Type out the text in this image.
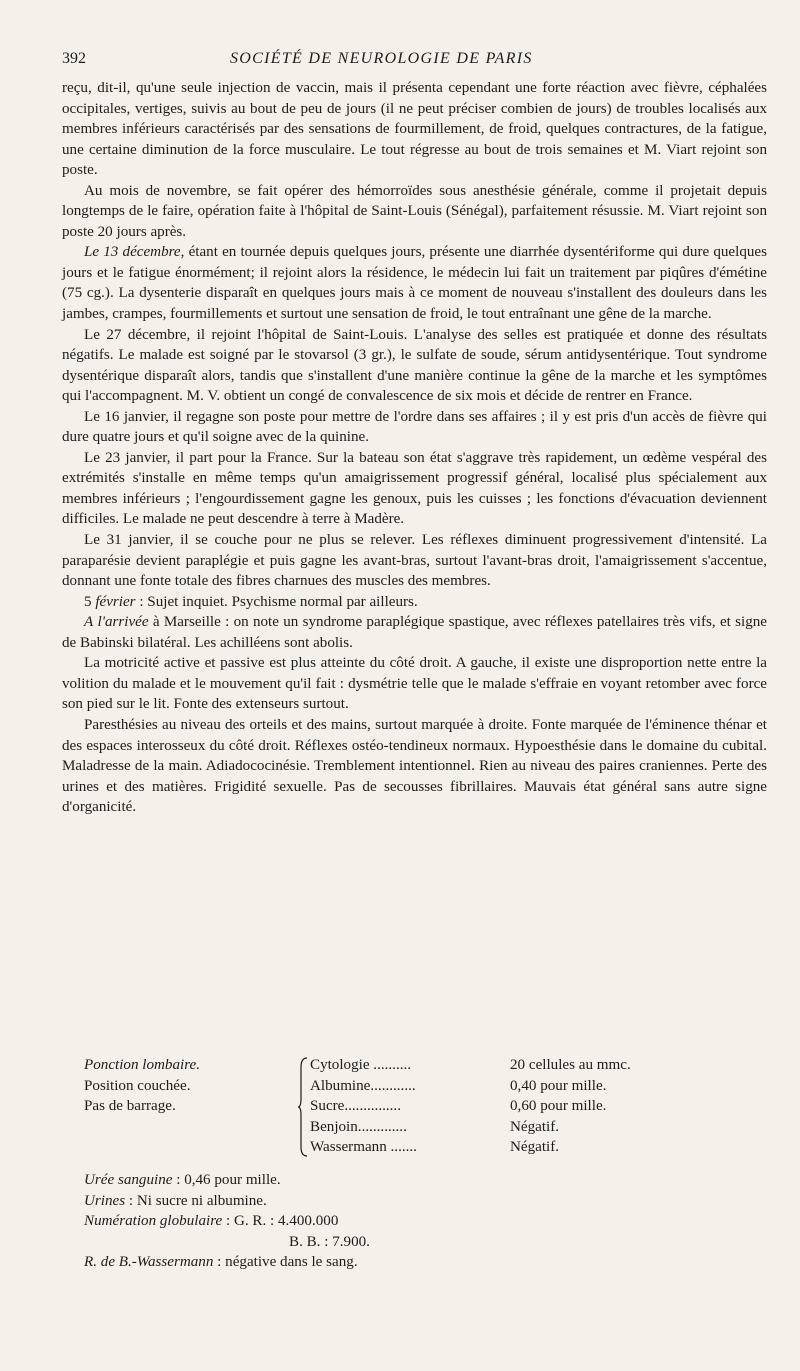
392	SOCIÉTÉ DE NEUROLOGIE DE PARIS

reçu, dit-il, qu'une seule injection de vaccin, mais il présenta cependant une forte réaction avec fièvre, céphalées occipitales, vertiges, suivis au bout de peu de jours (il ne peut préciser combien de jours) de troubles localisés aux membres inférieurs caractérisés par des sensations de fourmillement, de froid, quelques contractures, de la fatigue, une certaine diminution de la force musculaire. Le tout régresse au bout de trois semaines et M. Viart rejoint son poste.

Au mois de novembre, se fait opérer des hémorroïdes sous anesthésie générale, comme il projetait depuis longtemps de le faire, opération faite à l'hôpital de Saint-Louis (Sénégal), parfaitement résussie. M. Viart rejoint son poste 20 jours après.

Le 13 décembre, étant en tournée depuis quelques jours, présente une diarrhée dysentériforme qui dure quelques jours et le fatigue énormément; il rejoint alors la résidence, le médecin lui fait un traitement par piqûres d'émétine (75 cg.). La dysenterie disparaît en quelques jours mais à ce moment de nouveau s'installent des douleurs dans les jambes, crampes, fourmillements et surtout une sensation de froid, le tout entraînant une gêne de la marche.

Le 27 décembre, il rejoint l'hôpital de Saint-Louis. L'analyse des selles est pratiquée et donne des résultats négatifs. Le malade est soigné par le stovarsol (3 gr.), le sulfate de soude, sérum antidysentérique. Tout syndrome dysentérique disparaît alors, tandis que s'installent d'une manière continue la gêne de la marche et les symptômes qui l'accompagnent. M. V. obtient un congé de convalescence de six mois et décide de rentrer en France.

Le 16 janvier, il regagne son poste pour mettre de l'ordre dans ses affaires ; il y est pris d'un accès de fièvre qui dure quatre jours et qu'il soigne avec de la quinine.

Le 23 janvier, il part pour la France. Sur la bateau son état s'aggrave très rapidement, un œdème vespéral des extrémités s'installe en même temps qu'un amaigrissement progressif général, localisé plus spécialement aux membres inférieurs ; l'engourdissement gagne les genoux, puis les cuisses ; les fonctions d'évacuation deviennent difficiles. Le malade ne peut descendre à terre à Madère.

Le 31 janvier, il se couche pour ne plus se relever. Les réflexes diminuent progressivement d'intensité. La paraparésie devient paraplégie et puis gagne les avant-bras, surtout l'avant-bras droit, l'amaigrissement s'accentue, donnant une fonte totale des fibres charnues des muscles des membres.

5 février : Sujet inquiet. Psychisme normal par ailleurs.

A l'arrivée à Marseille : on note un syndrome paraplégique spastique, avec réflexes patellaires très vifs, et signe de Babinski bilatéral. Les achilléens sont abolis.

La motricité active et passive est plus atteinte du côté droit. A gauche, il existe une disproportion nette entre la volition du malade et le mouvement qu'il fait : dysmétrie telle que le malade s'effraie en voyant retomber avec force son pied sur le lit. Fonte des extenseurs surtout.

Paresthésies au niveau des orteils et des mains, surtout marquée à droite. Fonte marquée de l'éminence thénar et des espaces interosseux du côté droit. Réflexes ostéo-tendineux normaux. Hypoesthésie dans le domaine du cubital. Maladresse de la main. Adiadococinésie. Tremblement intentionnel. Rien au niveau des paires craniennes. Perte des urines et des matières. Frigidité sexuelle. Pas de secousses fibrillaires. Mauvais état général sans autre signe d'organicité.

Ponction lombaire.
Position couchée.
Pas de barrage.
Cytologie ..........	20 cellules au mmc.
Albumine............	0,40 pour mille.
Sucre...............	0,60 pour mille.
Benjoin.............	Négatif.
Wassermann .......	Négatif.
Urée sanguine : 0,46 pour mille.
Urines : Ni sucre ni albumine.
Numération globulaire : G. R. : 4.400.000
B. B. : 7.900.
R. de B.-Wassermann : négative dans le sang.
